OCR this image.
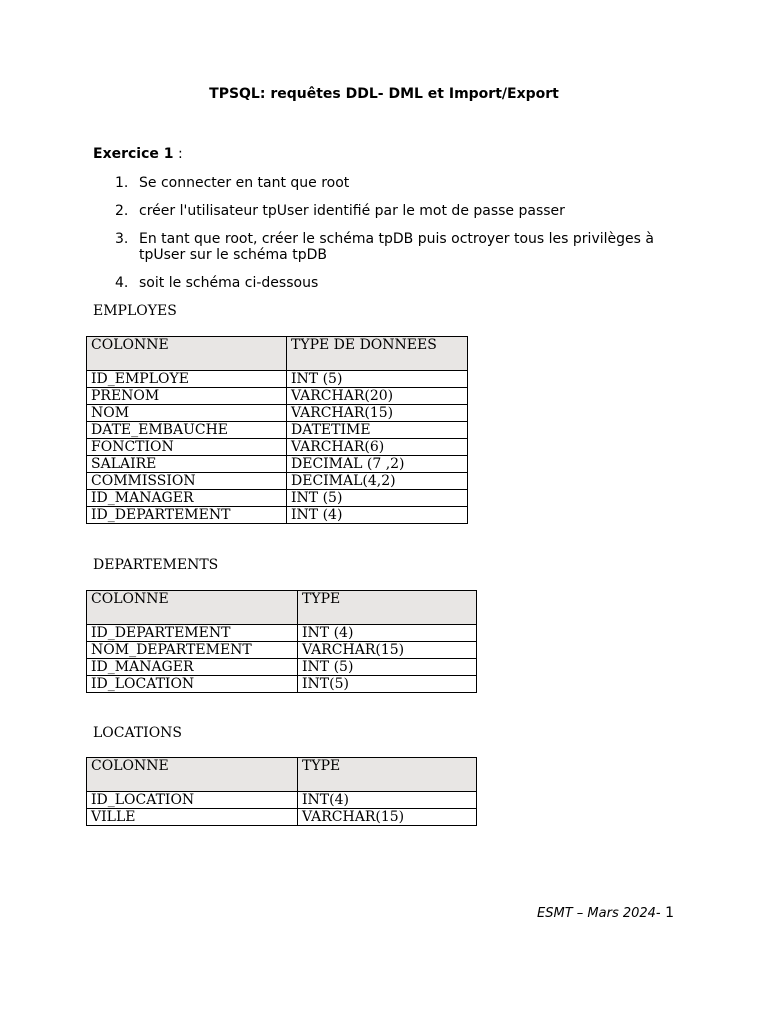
TPSQL: requêtes DDL- DML et Import/Export
Exercice 1 :
1. Se connecter en tant que root
2. créer l'utilisateur tpUser identifié par le mot de passe passer
3. En tant que root, créer le schéma tpDB puis octroyer tous les privilèges à tpUser sur le schéma tpDB
4. soit le schéma ci-dessous
EMPLOYES
COLONNE	TYPE DE DONNEES
ID_EMPLOYE	INT (5)
PRENOM	VARCHAR(20)
NOM	VARCHAR(15)
DATE_EMBAUCHE	DATETIME
FONCTION	VARCHAR(6)
SALAIRE	DECIMAL (7 ,2)
COMMISSION	DECIMAL(4,2)
ID_MANAGER	INT (5)
ID_DEPARTEMENT	INT (4)
DEPARTEMENTS
COLONNE	TYPE
ID_DEPARTEMENT	INT (4)
NOM_DEPARTEMENT	VARCHAR(15)
ID_MANAGER	INT (5)
ID_LOCATION	INT(5)
LOCATIONS
COLONNE	TYPE
ID_LOCATION	INT(4)
VILLE	VARCHAR(15)
ESMT – Mars 2024- 1
